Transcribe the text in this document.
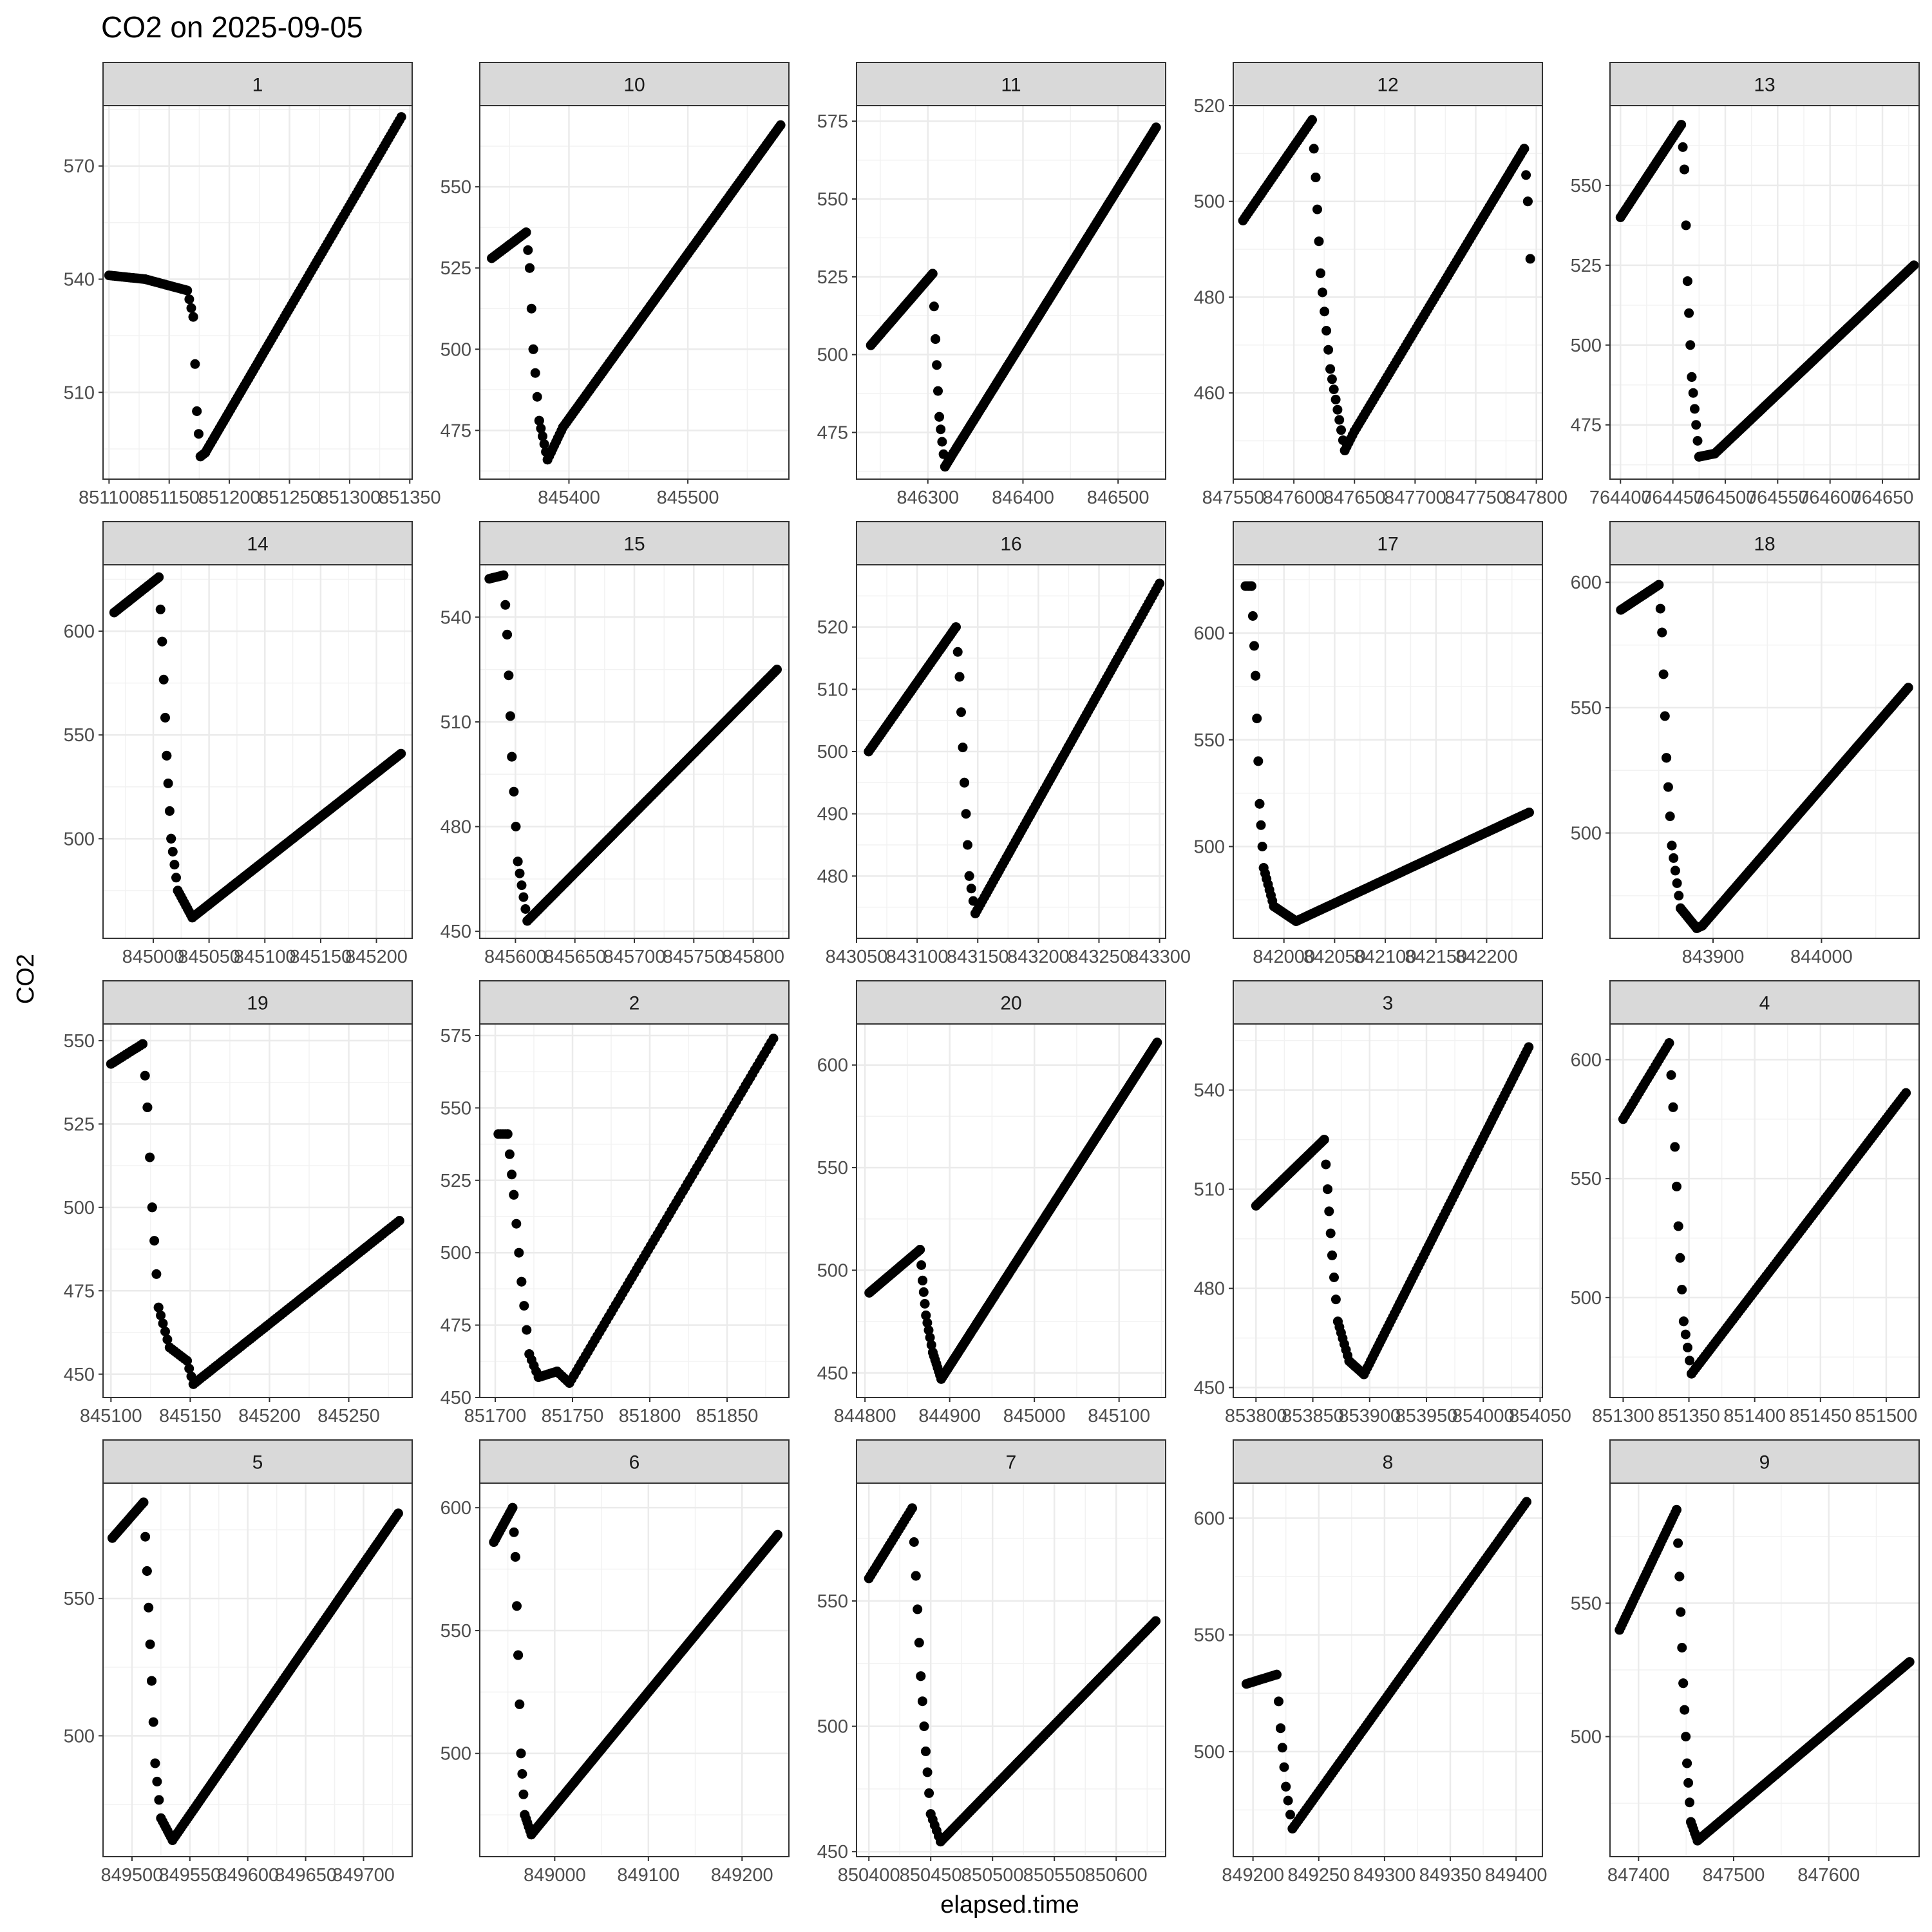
CO2 on 2025-09-05
elapsed.time
CO2
1
510
540
570
851100
851150
851200
851250
851300
851350
10
475
500
525
550
845400	845500
11
475
500
525
550
575
846300 846400 846500
12
460
480
500
520
847550
847600
847650
847700
847750
847800
13
475
500
525
550
764400
764450
764500
764550
764600
764650
14
500
550
600
845000
845050
845100
845150
845200
15
450
480
510
540
845600
845650
845700
845750
845800
16
480
490
500
510
520
843050
843100
843150
843200
843250
843300
17
500
550
600
842000
842050
842100
842150
842200
18
500
550
600
843900 844000
19
450
475
500
525
550
845100 845150 845200 845250
2
450
475
500
525
550
575
851700 851750 851800 851850
20
450
500
550
600
844800 844900 845000 845100
3
450
480
510
540
853800
853850
853900
853950
854000
854050
4
500
550
600
851300 851350 851400 851450 851500
5
500
550
849500
849550
849600
849650
849700
6
500
550
600
849000 849100 849200
7
450
500
550
850400 850450 850500 850550 850600
8
500
550
600
849200 849250 849300 849350 849400
9
500
550
847400 847500 847600
